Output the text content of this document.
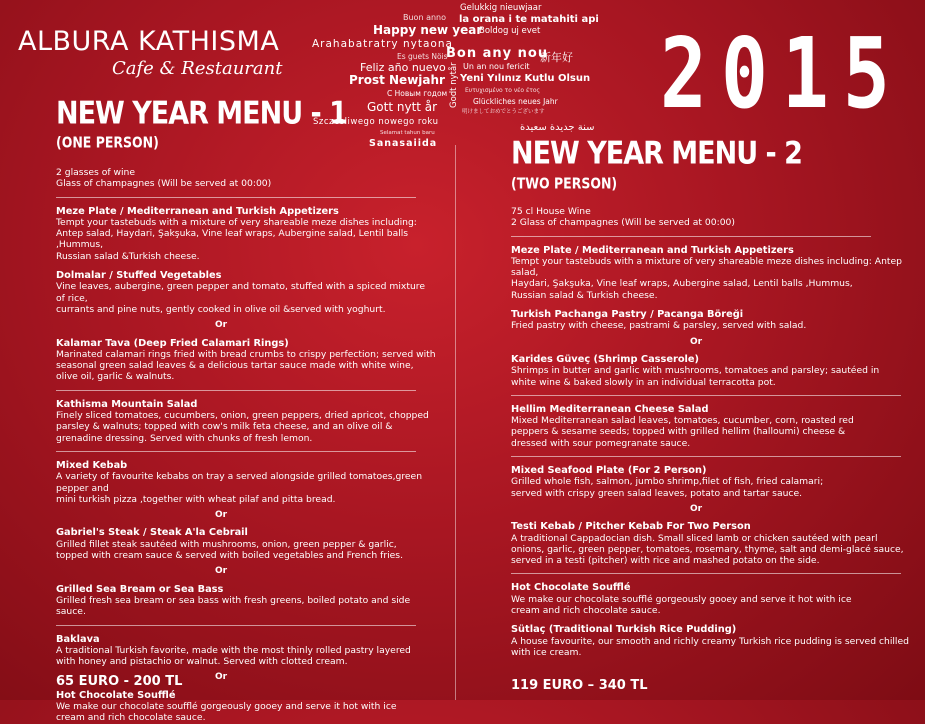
ALBURA KATHISMA
Cafe & Restaurant
Gelukkig nieuwjaar
Buon anno la orana i te matahiti api
Happy new year
Boldog uj evet
Arahabatratry nytaona
Es guets Nöis
Bon any nou
新年好
Feliz año nuevo Un an nou fericit
Prost Newjahr Yeni Yılınız Kutlu Olsun
С Новым годом	Ευτυχισμένο το νέο έτος
Godt nytår
Gott nytt år	Glückliches neues Jahr
Szczesliwego nowego roku
明けましておめでとうございます
Selamat tahun baru	سنة جديدة سعيدة
Sanasaiida
2015
NEW YEAR MENU - 1
(ONE PERSON)

2 glasses of wine

Glass of champagnes (Will be served at 00:00)

Meze Plate / Mediterranean and Turkish Appetizers

Tempt your tastebuds with a mixture of very shareable meze dishes including:
Antep salad, Haydari, Şakşuka, Vine leaf wraps, Aubergine salad, Lentil balls ,Hummus,
Russian salad &Turkish cheese.

Dolmalar / Stuffed Vegetables

Vine leaves, aubergine, green pepper and tomato, stuffed with a spiced mixture of rice,
currants and pine nuts, gently cooked in olive oil &served with yoghurt.

Or

Kalamar Tava (Deep Fried Calamari Rings)

Marinated calamari rings fried with bread crumbs to crispy perfection; served with
seasonal green salad leaves & a delicious tartar sauce made with white wine,
olive oil, garlic & walnuts.

Kathisma Mountain Salad

Finely sliced tomatoes, cucumbers, onion, green peppers, dried apricot, chopped
parsley & walnuts; topped with cow's milk feta cheese, and an olive oil &
grenadine dressing. Served with chunks of fresh lemon.

Mixed Kebab

A variety of favourite kebabs on tray a served alongside grilled tomatoes,green pepper and
mini turkish pizza ,together with wheat pilaf and pitta bread.

Or

Gabriel's Steak / Steak A'la Cebrail

Grilled fillet steak sautéed with mushrooms, onion, green pepper & garlic,
topped with cream sauce & served with boiled vegetables and French fries.

Or

Grilled Sea Bream or Sea Bass

Grilled fresh sea bream or sea bass with fresh greens, boiled potato and side sauce.

Baklava

A traditional Turkish favorite, made with the most thinly rolled pastry layered
with honey and pistachio or walnut. Served with clotted cream.

Or

Hot Chocolate Soufflé

We make our chocolate soufflé gorgeously gooey and serve it hot with ice
cream and rich chocolate sauce.

65 EURO - 200 TL
NEW YEAR MENU - 2
(TWO PERSON)

75 cl House Wine

2 Glass of champagnes (Will be served at 00:00)

Meze Plate / Mediterranean and Turkish Appetizers

Tempt your tastebuds with a mixture of very shareable meze dishes including: Antep salad,
Haydari, Şakşuka, Vine leaf wraps, Aubergine salad, Lentil balls ,Hummus,
Russian salad & Turkish cheese.

Turkish Pachanga Pastry / Pacanga Böreği

Fried pastry with cheese, pastrami & parsley, served with salad.

Or

Karides Güveç (Shrimp Casserole)

Shrimps in butter and garlic with mushrooms, tomatoes and parsley; sautéed in
white wine & baked slowly in an individual terracotta pot.

Hellim Mediterranean Cheese Salad

Mixed Mediterranean salad leaves, tomatoes, cucumber, corn, roasted red
peppers & sesame seeds; topped with grilled hellim (halloumi) cheese &
dressed with sour pomegranate sauce.

Mixed Seafood Plate (For 2 Person)

Grilled whole fish, salmon, jumbo shrimp,filet of fish, fried calamari;
served with crispy green salad leaves, potato and tartar sauce.

Or

Testi Kebab / Pitcher Kebab For Two Person

A traditional Cappadocian dish. Small sliced lamb or chicken sautéed with pearl
onions, garlic, green pepper, tomatoes, rosemary, thyme, salt and demi-glacé sauce,
served in a testi (pitcher) with rice and mashed potato on the side.

Hot Chocolate Soufflé

We make our chocolate soufflé gorgeously gooey and serve it hot with ice
cream and rich chocolate sauce.

Sütlaç (Traditional Turkish Rice Pudding)

A house favourite, our smooth and richly creamy Turkish rice pudding is served chilled
with ice cream.

119 EURO – 340 TL
